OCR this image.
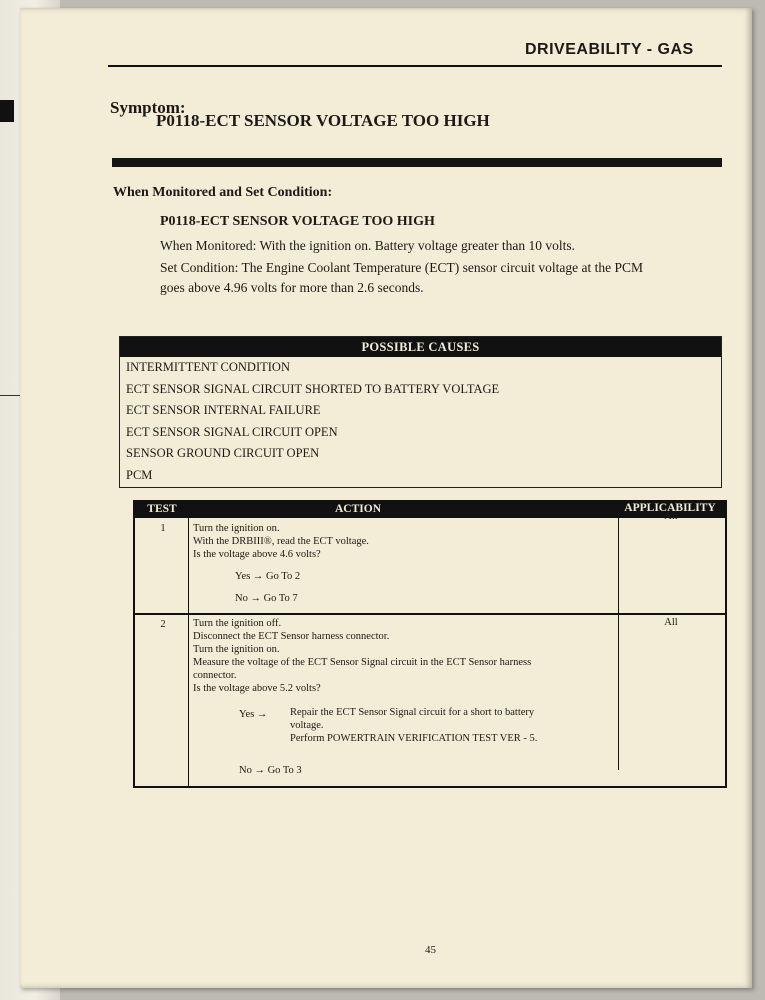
DRIVEABILITY - GAS
Symptom:
P0118-ECT SENSOR VOLTAGE TOO HIGH
When Monitored and Set Condition:
P0118-ECT SENSOR VOLTAGE TOO HIGH
When Monitored: With the ignition on. Battery voltage greater than 10 volts.
Set Condition: The Engine Coolant Temperature (ECT) sensor circuit voltage at the PCM
goes above 4.96 volts for more than 2.6 seconds.
POSSIBLE CAUSES
INTERMITTENT CONDITION
ECT SENSOR SIGNAL CIRCUIT SHORTED TO BATTERY VOLTAGE
ECT SENSOR INTERNAL FAILURE
ECT SENSOR SIGNAL CIRCUIT OPEN
SENSOR GROUND CIRCUIT OPEN
PCM
TEST	ACTION	APPLICABILITY
1	Turn the ignition on.
With the DRBIII®, read the ECT voltage.
Is the voltage above 4.6 volts?
Yes → Go To 2
No → Go To 7
All
2	Turn the ignition off.
Disconnect the ECT Sensor harness connector.
Turn the ignition on.
Measure the voltage of the ECT Sensor Signal circuit in the ECT Sensor harness
connector.
Is the voltage above 5.2 volts?
Yes → Repair the ECT Sensor Signal circuit for a short to battery
voltage.
Perform POWERTRAIN VERIFICATION TEST VER - 5.
No → Go To 3
All
45
